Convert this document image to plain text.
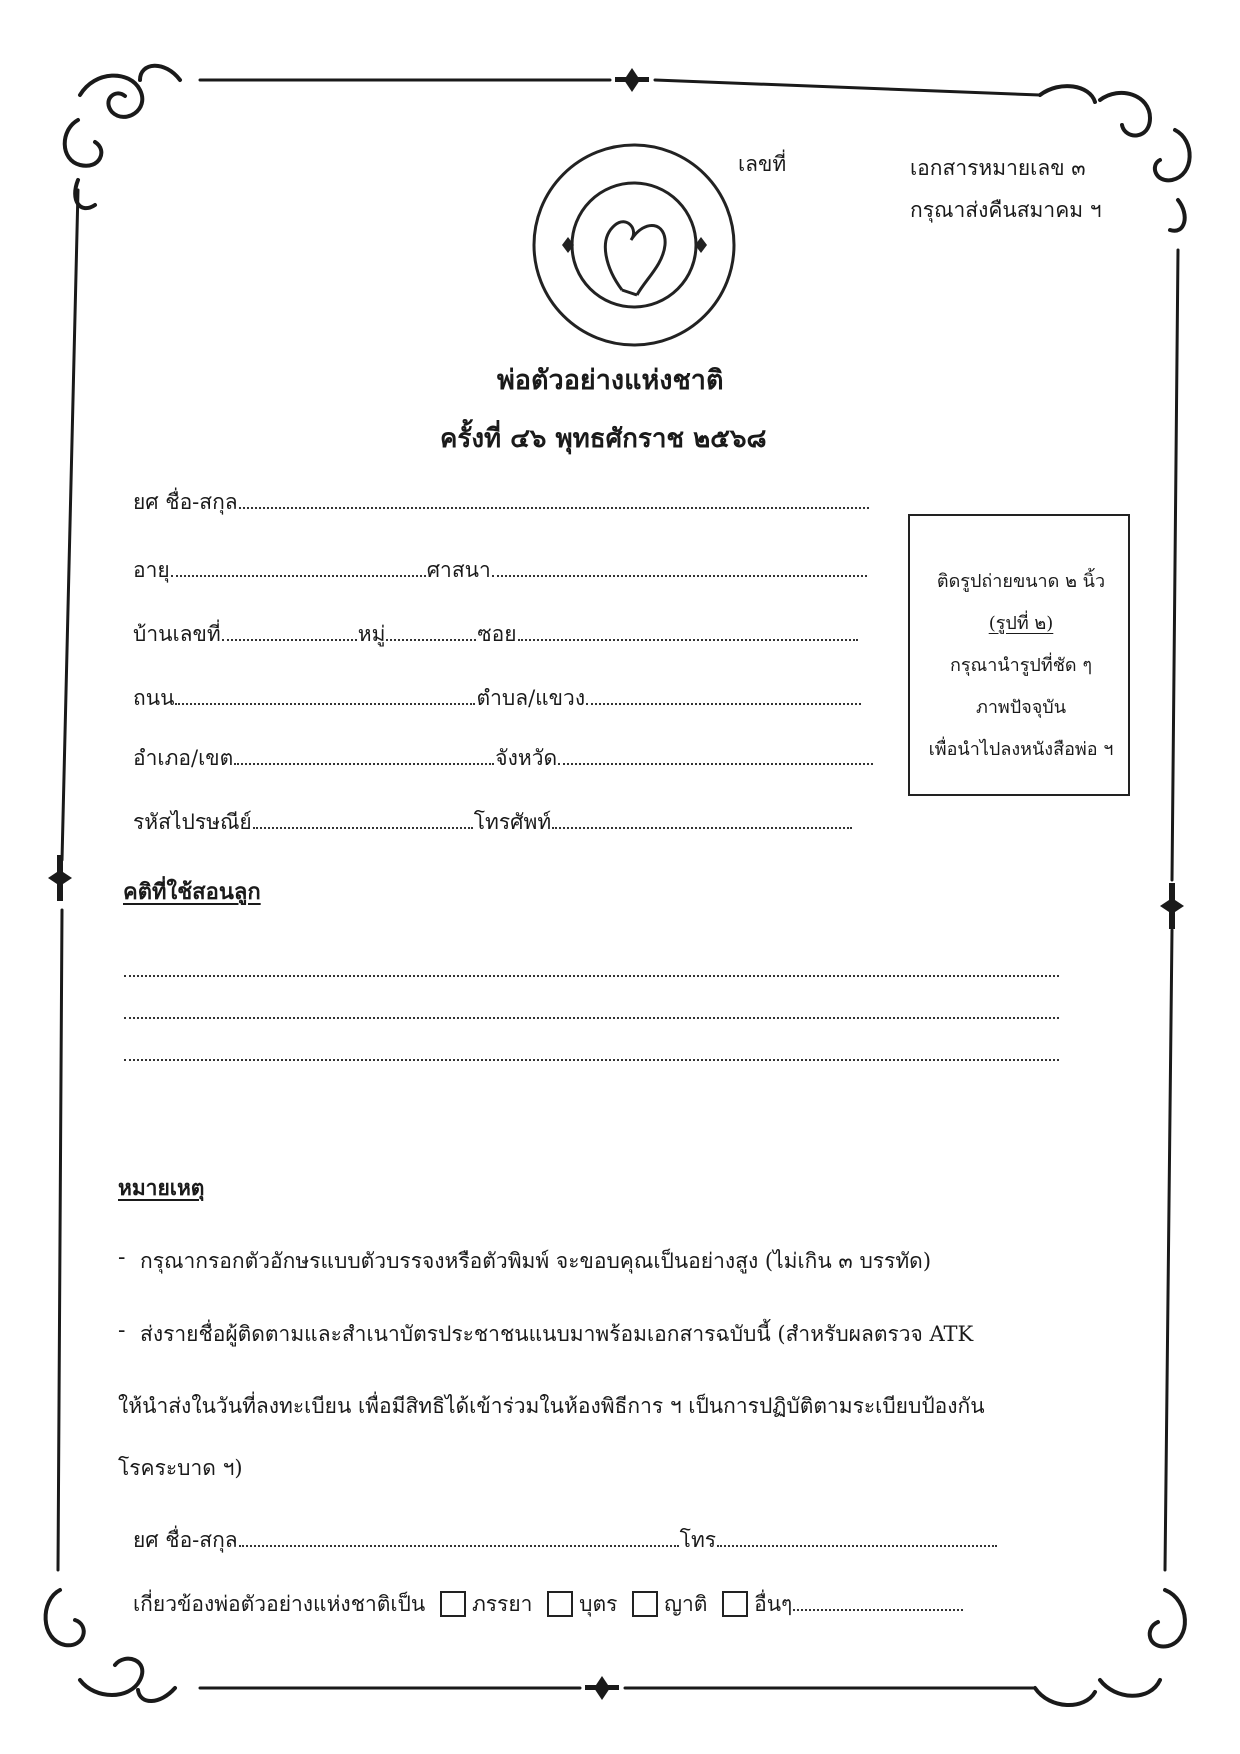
เลขที่	เอกสารหมายเลข ๓
กรุณาส่งคืนสมาคม ฯ
พ่อตัวอย่างแห่งชาติ
ครั้งที่ ๔๖ พุทธศักราช ๒๕๖๘
ยศ ชื่อ-สกุล
อายุ	ศาสนา
บ้านเลขที่	หมู่	ซอย
ถนน	ตำบล/แขวง
อำเภอ/เขต	จังหวัด
รหัสไปรษณีย์	โทรศัพท์
ติดรูปถ่ายขนาด ๒ นิ้ว
(รูปที่ ๒)
กรุณานำรูปที่ชัด ๆ
ภาพปัจจุบัน
เพื่อนำไปลงหนังสือพ่อ ฯ
คติที่ใช้สอนลูก
หมายเหตุ
- กรุณากรอกตัวอักษรแบบตัวบรรจงหรือตัวพิมพ์ จะขอบคุณเป็นอย่างสูง (ไม่เกิน ๓ บรรทัด)
- ส่งรายชื่อผู้ติดตามและสำเนาบัตรประชาชนแนบมาพร้อมเอกสารฉบับนี้ (สำหรับผลตรวจ ATK
ให้นำส่งในวันที่ลงทะเบียน เพื่อมีสิทธิได้เข้าร่วมในห้องพิธีการ ฯ เป็นการปฏิบัติตามระเบียบป้องกัน
โรคระบาด ฯ)
ยศ ชื่อ-สกุล	โทร
เกี่ยวข้องพ่อตัวอย่างแห่งชาติเป็น ภรรยา บุตร ญาติ อื่นๆ
